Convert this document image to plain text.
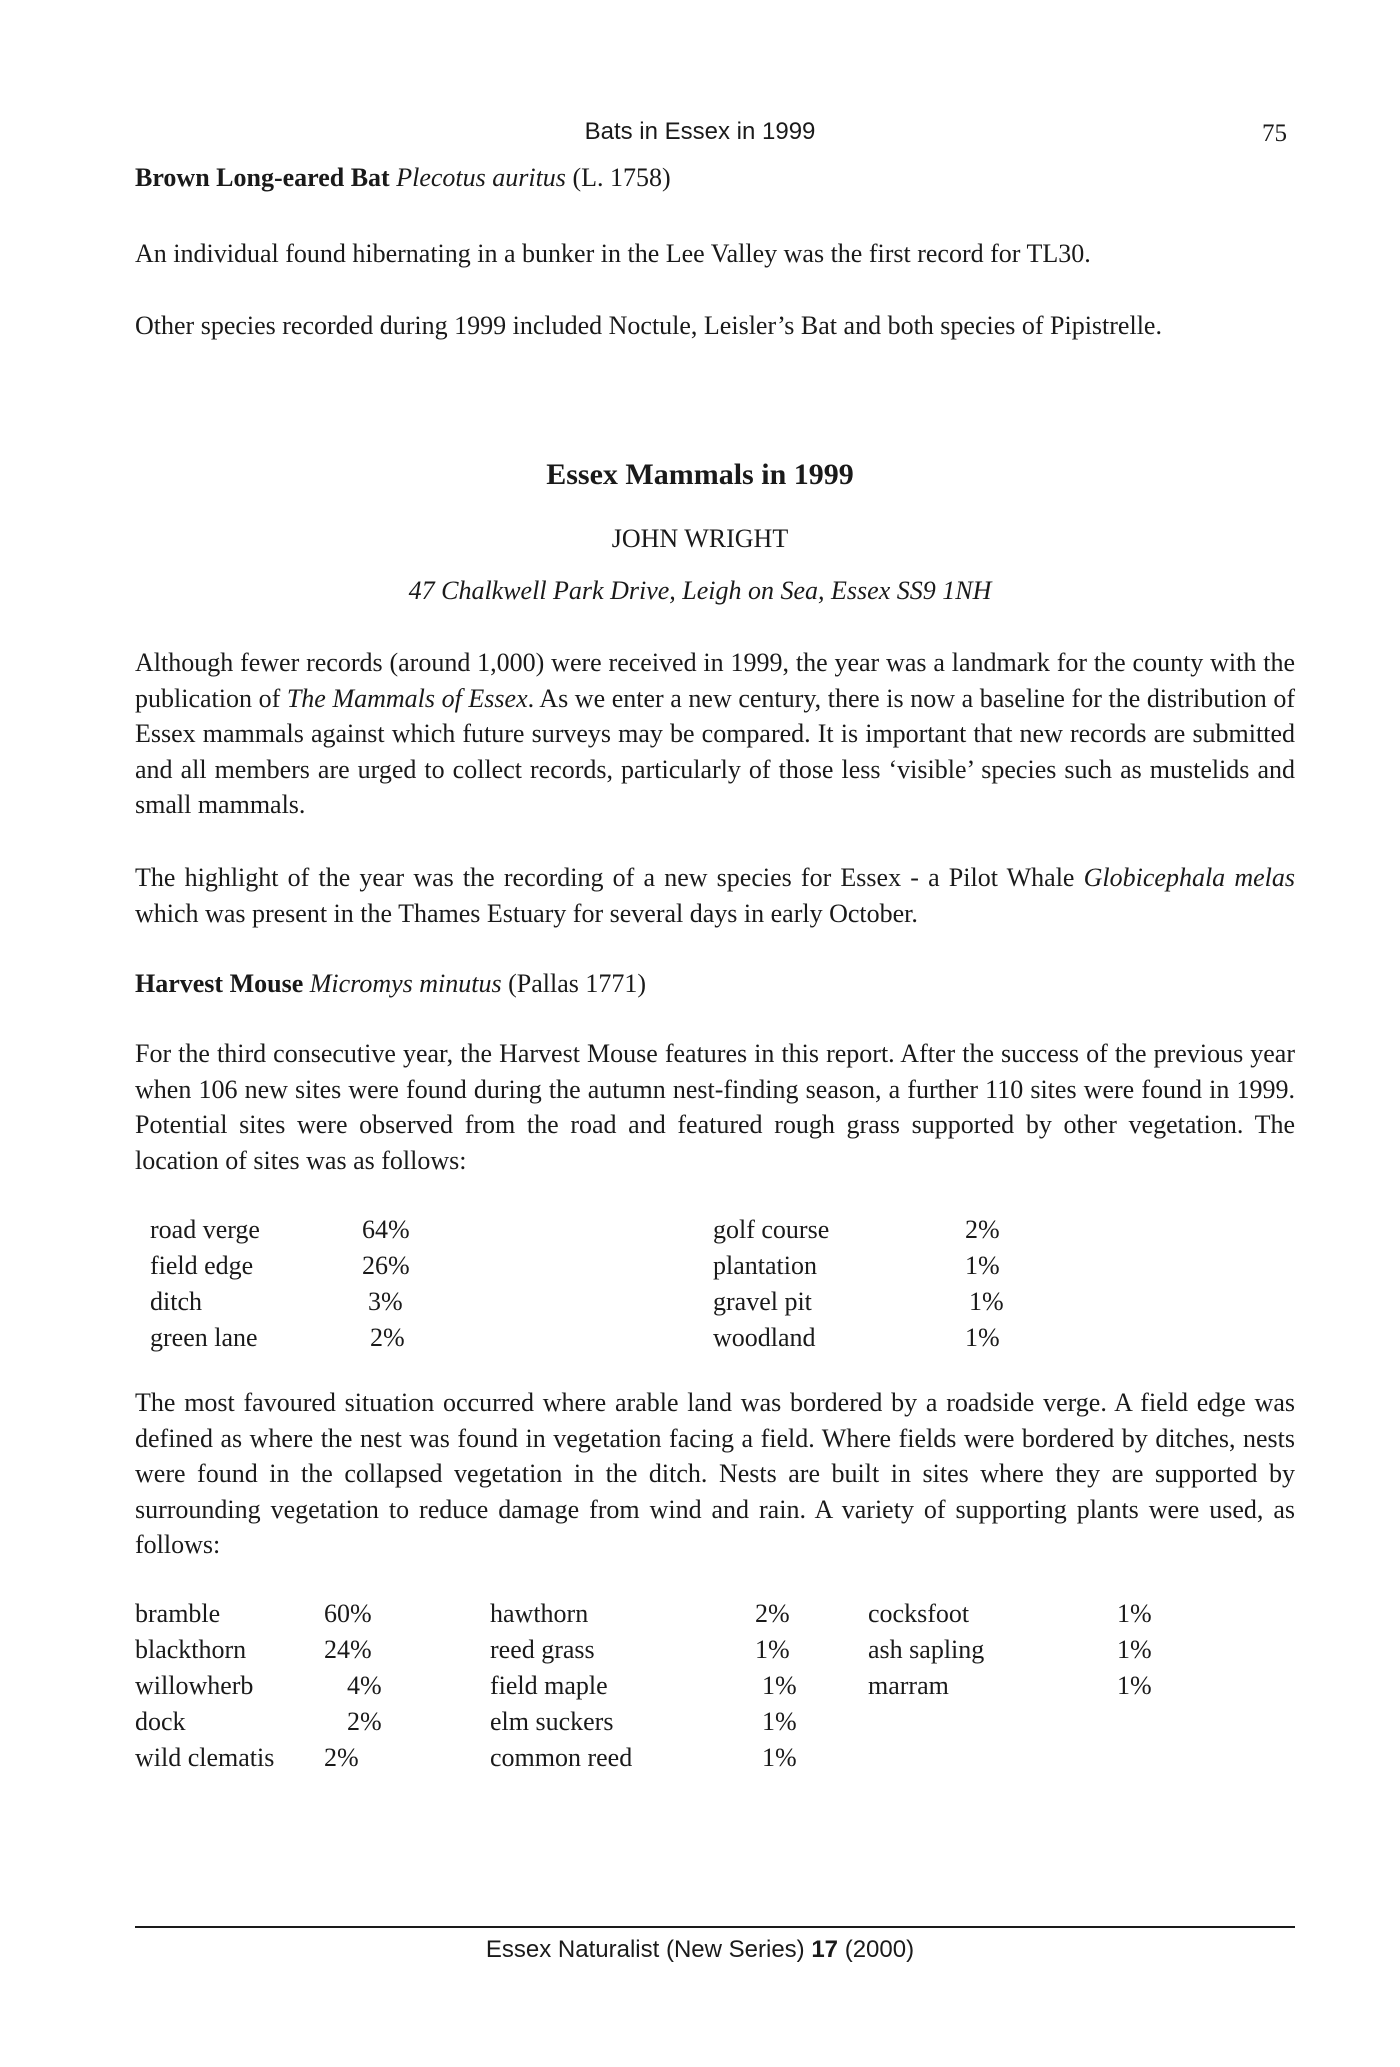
Bats in Essex in 1999	75
Brown Long-eared Bat Plecotus auritus (L. 1758)
An individual found hibernating in a bunker in the Lee Valley was the first record for TL30.
Other species recorded during 1999 included Noctule, Leisler’s Bat and both species of Pipistrelle.
Essex Mammals in 1999
JOHN WRIGHT
47 Chalkwell Park Drive, Leigh on Sea, Essex SS9 1NH
Although fewer records (around 1,000) were received in 1999, the year was a landmark for the county with the publication of The Mammals of Essex. As we enter a new century, there is now a baseline for the distribution of Essex mammals against which future surveys may be compared. It is important that new records are submitted and all members are urged to collect records, particularly of those less ‘visible’ species such as mustelids and small mammals.
The highlight of the year was the recording of a new species for Essex - a Pilot Whale Globicephala melas which was present in the Thames Estuary for several days in early October.
Harvest Mouse Micromys minutus (Pallas 1771)
For the third consecutive year, the Harvest Mouse features in this report. After the success of the previous year when 106 new sites were found during the autumn nest-finding season, a further 110 sites were found in 1999. Potential sites were observed from the road and featured rough grass supported by other vegetation. The location of sites was as follows:
road verge	64%
field edge	26%
ditch	3%
green lane	2%
golf course	2%
plantation	1%
gravel pit	1%
woodland	1%
The most favoured situation occurred where arable land was bordered by a roadside verge. A field edge was defined as where the nest was found in vegetation facing a field. Where fields were bordered by ditches, nests were found in the collapsed vegetation in the ditch. Nests are built in sites where they are supported by surrounding vegetation to reduce damage from wind and rain. A variety of supporting plants were used, as follows:
bramble	60%
blackthorn	24%
willowherb	4%
dock	2%
wild clematis 2%
hawthorn	2%
reed grass	1%
field maple	1%
elm suckers	1%
common reed	1%
cocksfoot	1%
ash sapling	1%
marram	1%
Essex Naturalist (New Series) 17 (2000)
